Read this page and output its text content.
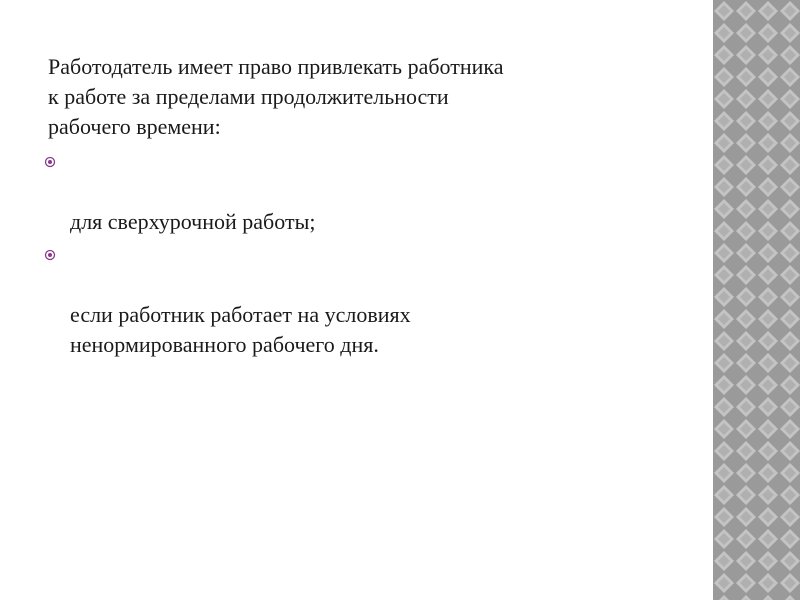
Работодатель имеет право привлекать работника
к работе за пределами продолжительности
рабочего времени:

для сверхурочной работы;

если работник работает на условиях
ненормированного рабочего дня.
